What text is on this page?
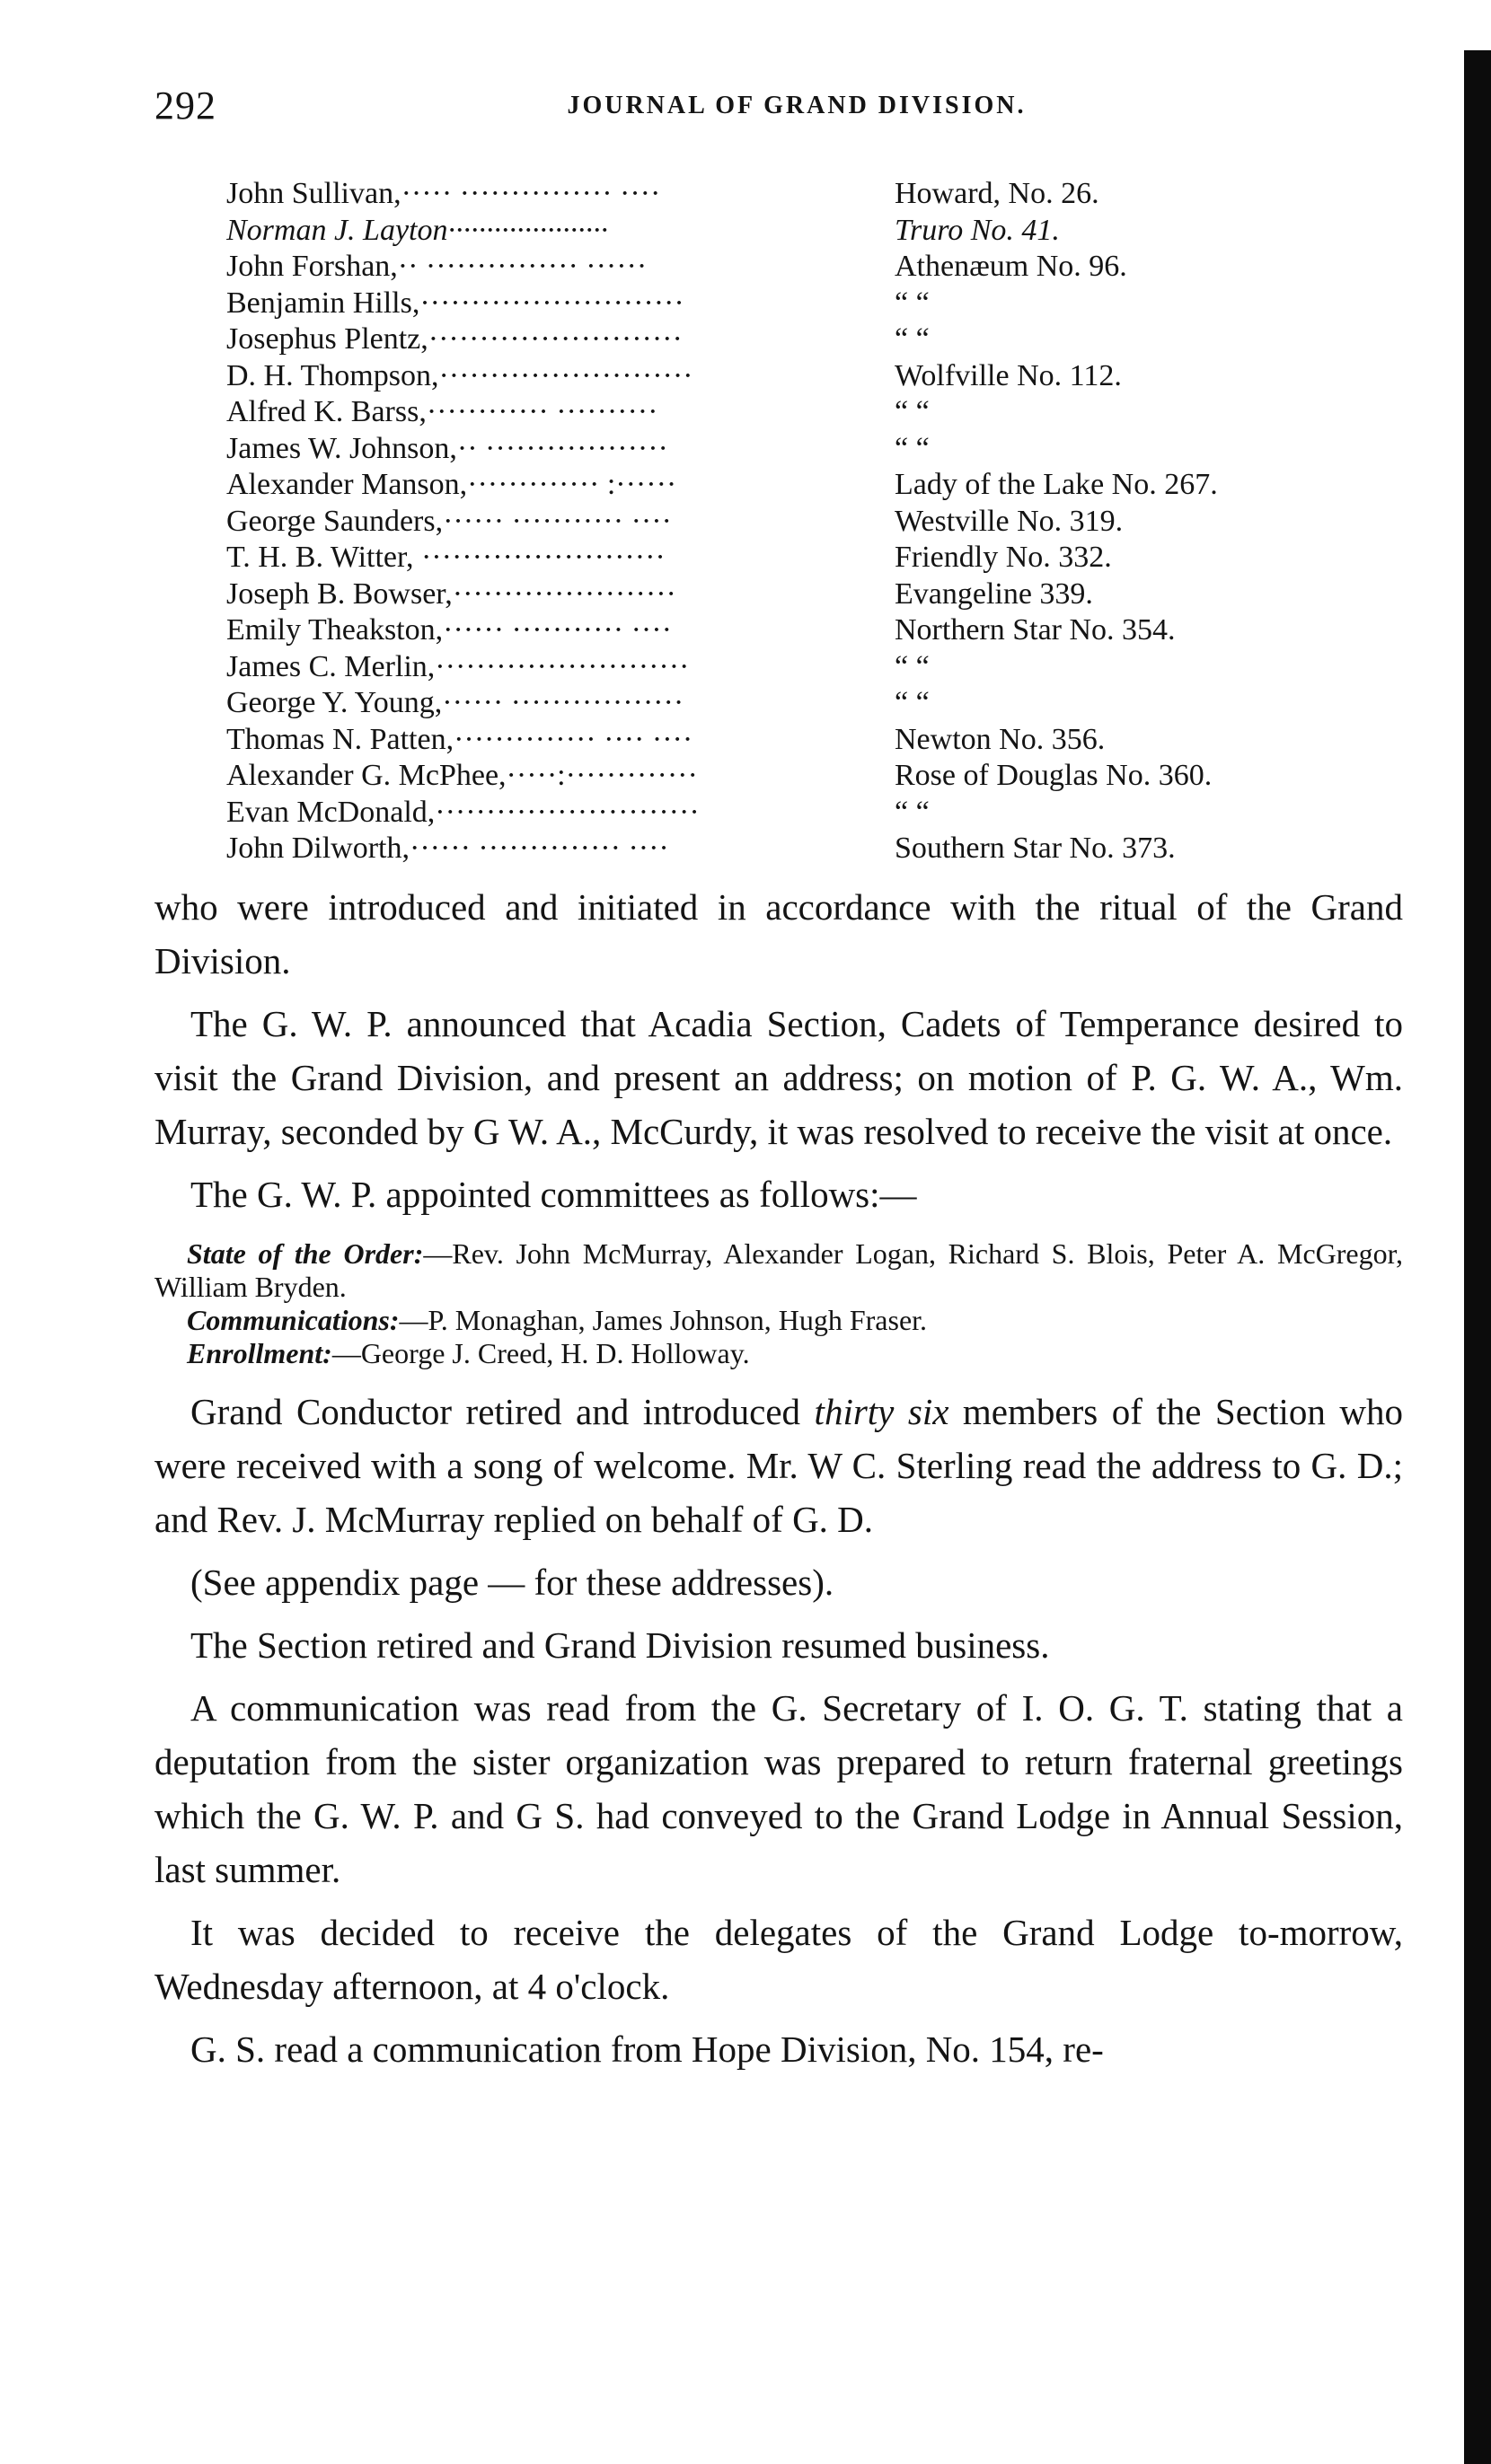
292	JOURNAL OF GRAND DIVISION.
John Sullivan,····· ··············· ····	Howard, No. 26.
Norman J. Layton·····················	Truro No. 41.
John Forshan,·· ··············· ······	Athenæum No. 96.
Benjamin Hills,··························	“ “
Josephus Plentz,·························	“ “
D. H. Thompson,·························	Wolfville No. 112.
Alfred K. Barss,············ ··········	“ “
James W. Johnson,·· ··················	“ “
Alexander Manson,············· :······	Lady of the Lake No. 267.
George Saunders,······ ··········· ····	Westville No. 319.
T. H. B. Witter, ························	Friendly No. 332.
Joseph B. Bowser,······················	Evangeline 339.
Emily Theakston,······ ··········· ····	Northern Star No. 354.
James C. Merlin,·························	“ “
George Y. Young,······ ·················	“ “
Thomas N. Patten,·············· ···· ····	Newton No. 356.
Alexander G. McPhee,·····:·············	Rose of Douglas No. 360.
Evan McDonald,··························	“ “
John Dilworth,······ ·············· ····	Southern Star No. 373.

who were introduced and initiated in accordance with the ritual of the Grand Division.

The G. W. P. announced that Acadia Section, Cadets of Temperance desired to visit the Grand Division, and present an address; on motion of P. G. W. A., Wm. Murray, seconded by G W. A., McCurdy, it was resolved to receive the visit at once.

The G. W. P. appointed committees as follows:—

State of the Order:—Rev. John McMurray, Alexander Logan, Richard S. Blois, Peter A. McGregor, William Bryden.

Communications:—P. Monaghan, James Johnson, Hugh Fraser.

Enrollment:—George J. Creed, H. D. Holloway.

Grand Conductor retired and introduced thirty six members of the Section who were received with a song of welcome. Mr. W C. Sterling read the address to G. D.; and Rev. J. McMurray replied on behalf of G. D.

(See appendix page — for these addresses).

The Section retired and Grand Division resumed business.

A communication was read from the G. Secretary of I. O. G. T. stating that a deputation from the sister organization was prepared to return fraternal greetings which the G. W. P. and G S. had conveyed to the Grand Lodge in Annual Session, last summer.

It was decided to receive the delegates of the Grand Lodge to-morrow, Wednesday afternoon, at 4 o'clock.

G. S. read a communication from Hope Division, No. 154, re-
